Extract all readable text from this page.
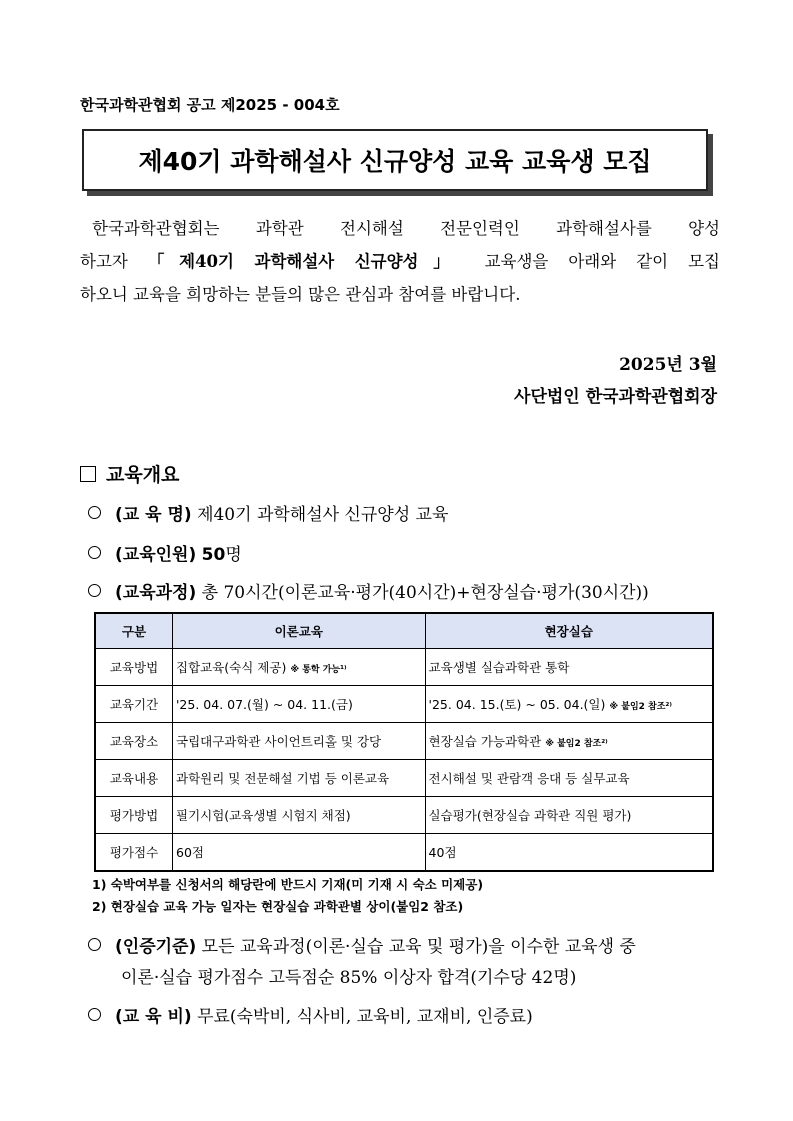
한국과학관협회 공고 제2025 - 004호
제40기 과학해설사 신규양성 교육 교육생 모집

한국과학관협회는 과학관 전시해설 전문인력인 과학해설사를 양성

하고자 「제40기 과학해설사 신규양성」 교육생을 아래와 같이 모집

하오니 교육을 희망하는 분들의 많은 관심과 참여를 바랍니다.

2025년 3월
사단법인 한국과학관협회장
교육개요
(교 육 명) 제40기 과학해설사 신규양성 교육
(교육인원) 50명
(교육과정) 총 70시간(이론교육·평가(40시간)+현장실습·평가(30시간))
구분	이론교육	현장실습
교육방법	집합교육(숙식 제공) ※ 통학 가능¹⁾	교육생별 실습과학관 통학
교육기간	'25. 04. 07.(월) ~ 04. 11.(금)	'25. 04. 15.(토) ~ 05. 04.(일) ※ 붙임2 참조²⁾
교육장소	국립대구과학관 사이언트리홀 및 강당	현장실습 가능과학관 ※ 붙임2 참조²⁾
교육내용	과학원리 및 전문해설 기법 등 이론교육	전시해설 및 관람객 응대 등 실무교육
평가방법	필기시험(교육생별 시험지 채점)	실습평가(현장실습 과학관 직원 평가)
평가점수	60점	40점
1) 숙박여부를 신청서의 해당란에 반드시 기재(미 기재 시 숙소 미제공)
2) 현장실습 교육 가능 일자는 현장실습 과학관별 상이(붙임2 참조)
(인증기준) 모든 교육과정(이론·실습 교육 및 평가)을 이수한 교육생 중
이론·실습 평가점수 고득점순 85% 이상자 합격(기수당 42명)
(교 육 비) 무료(숙박비, 식사비, 교육비, 교재비, 인증료)
